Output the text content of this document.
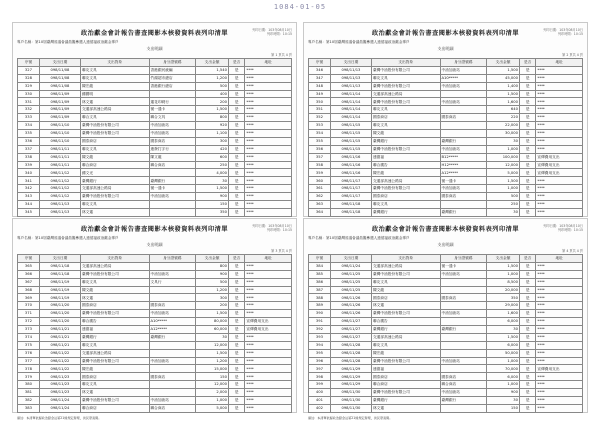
1084-01-05
列印日期：103年08月10日
列印時間：10:15
政治獻金會計報告書查閱影本核發資料表列印清單
專戶名稱：第10屆臺灣省議會議員擬參選人連德福政治獻金專戶
支出明細
第 1 頁共 4 頁
序號	支出日期	支出對象	身分證號碼	支出金額	是否	地址
327	098/11/08	聯友文具	香港銀河統編	1,540	是	****
328	098/11/08	聯友文具	竹湖超市總店	1,200	是	****
329	098/11/08	陳宏龍	香港銀行總店	500	是	****
330	098/11/09	鍾國明		400	是	****
331	098/11/09	林文蓮	蓮花印刷行	200	是	****
332	098/11/09	交通部高速公路局	號一通卡	1,500	是	****
333	098/11/09	聯合文具	聯合文具	800	是	****
334	098/11/10	臺灣中油股份有限公司	中油加油站	920	是	****
335	098/11/10	臺灣中油股份有限公司	中油加油站	1,100	是	****
336	098/11/10	國泰商店	國泰商店	300	是	****
337	098/11/11	聯友文具	連發打字行	420	是	****
338	098/11/11	陳文龍	陳文龍	600	是	****
339	098/11/11	聯合商店	聯合商店	250	是	****
340	098/11/12	鍾文光		4,000	是	****
341	098/11/12	臺灣銀行	臺灣銀行	30	是	****
342	098/11/12	交通部高速公路局	號一通卡	1,500	是	****
343	098/11/12	臺灣中油股份有限公司	中油加油站	900	是	****
344	098/11/13	聯友文具		150	是	****
345	098/11/13	林文蓮		350	是	****
列印日期：103年08月10日
列印時間：10:15
政治獻金會計報告書查閱影本核發資料表列印清單
專戶名稱：第10屆臺灣省議會議員擬參選人連德福政治獻金專戶
支出明細
第 2 頁共 4 頁
序號	支出日期	支出對象	身分證號碼	支出金額	是否	地址
346	098/11/13	臺灣中油股份有限公司	中油加油站	1,500	是	****
347	098/11/13	聯友文具	A10*****	45,000	是	****
348	098/11/13	臺灣中油股份有限公司	中油加油站	1,400	是	****
349	098/11/14	交通部高速公路局		1,500	是	****
350	098/11/14	臺灣中油股份有限公司	中油加油站	1,600	是	****
351	098/11/14	聯友文具		640	是	****
352	098/11/14	國泰商店	國泰商店	220	是	****
353	098/11/15	聯友文具		22,000	是	****
354	098/11/15	陳文龍		30,000	是	****
355	098/11/15	臺灣銀行	臺灣銀行	30	是	****
356	098/11/15	臺灣中油股份有限公司	中油加油站	1,000	是	****
357	098/11/16	連德福	B12*****	100,000	是	宣傳費用支出
358	098/11/16	聯合廣告	H12*****	12,000	是	宣傳費用支出
359	098/11/16	陳宏龍	A12*****	5,000	是	宣傳費用支出
360	098/11/17	交通部高速公路局	號一通卡	1,500	是	****
361	098/11/17	臺灣中油股份有限公司	中油加油站	1,000	是	****
362	098/11/17	國泰商店	國泰商店	500	是	****
363	098/11/18	聯友文具		250	是	****
364	098/11/18	臺灣銀行	臺灣銀行	30	是	****
列印日期：103年08月10日
列印時間：10:15
政治獻金會計報告書查閱影本核發資料表列印清單
專戶名稱：第10屆臺灣省議會議員擬參選人連德福政治獻金專戶
支出明細
第 3 頁共 4 頁
序號	支出日期	支出對象	身分證號碼	支出金額	是否	地址
365	098/11/18	交通部高速公路局		800	是	****
366	098/11/18	臺灣中油股份有限公司	中油加油站	900	是	****
367	098/11/19	聯友文具	文具行	500	是	****
368	098/11/19	陳文龍		1,200	是	****
369	098/11/19	林文蓮		300	是	****
370	098/11/20	國泰商店	國泰商店	200	是	****
371	098/11/20	臺灣中油股份有限公司	中油加油站	1,500	是	****
372	098/11/20	聯合廣告	A10*****	80,000	是	宣傳費用支出
373	098/11/21	連德福	A12*****	60,000	是	宣傳費用支出
374	098/11/21	臺灣銀行	臺灣銀行	30	是	****
375	098/11/21	聯友文具		12,000	是	****
376	098/11/22	交通部高速公路局		1,500	是	****
377	098/11/22	臺灣中油股份有限公司	中油加油站	1,200	是	****
378	098/11/22	陳宏龍		15,000	是	****
379	098/11/23	國泰商店	國泰商店	150	是	****
380	098/11/23	聯友文具		12,000	是	****
381	098/11/23	林文蓮		2,000	是	****
382	098/11/24	臺灣中油股份有限公司	中油加油站	1,000	是	****
383	098/11/24	聯合商店	聯合商店	5,000	是	****
備註：本清單依據政治獻金法第21條規定辦理，供民眾查閱。
列印日期：103年08月10日
列印時間：10:15
政治獻金會計報告書查閱影本核發資料表列印清單
專戶名稱：第10屆臺灣省議會議員擬參選人連德福政治獻金專戶
支出明細
第 4 頁共 4 頁
序號	支出日期	支出對象	身分證號碼	支出金額	是否	地址
384	098/11/24	交通部高速公路局	號一通卡	1,500	是	****
385	098/11/25	臺灣中油股份有限公司	中油加油站	1,000	是	****
386	098/11/25	聯友文具		8,500	是	****
387	098/11/25	陳文龍		20,000	是	****
388	098/11/26	國泰商店	國泰商店	350	是	****
389	098/11/26	林文蓮		29,000	是	****
390	098/11/26	臺灣中油股份有限公司	中油加油站	1,600	是	****
391	098/11/27	聯合廣告		6,000	是	****
392	098/11/27	臺灣銀行	臺灣銀行	30	是	****
393	098/11/27	交通部高速公路局		1,500	是	****
394	098/11/28	聯友文具		6,000	是	****
395	098/11/28	陳宏龍		50,000	是	****
396	098/11/28	臺灣中油股份有限公司	中油加油站	1,000	是	****
397	098/11/29	連德福		70,000	是	宣傳費用支出
398	098/11/29	國泰商店	國泰商店	6,000	是	****
399	098/11/29	聯合商店	聯合商店	1,000	是	****
400	098/11/30	臺灣中油股份有限公司	中油加油站	900	是	****
401	098/11/30	臺灣銀行	臺灣銀行	30	是	****
402	098/11/30	林文蓮		150	是	****
備註：本清單依據政治獻金法第21條規定辦理，供民眾查閱。
